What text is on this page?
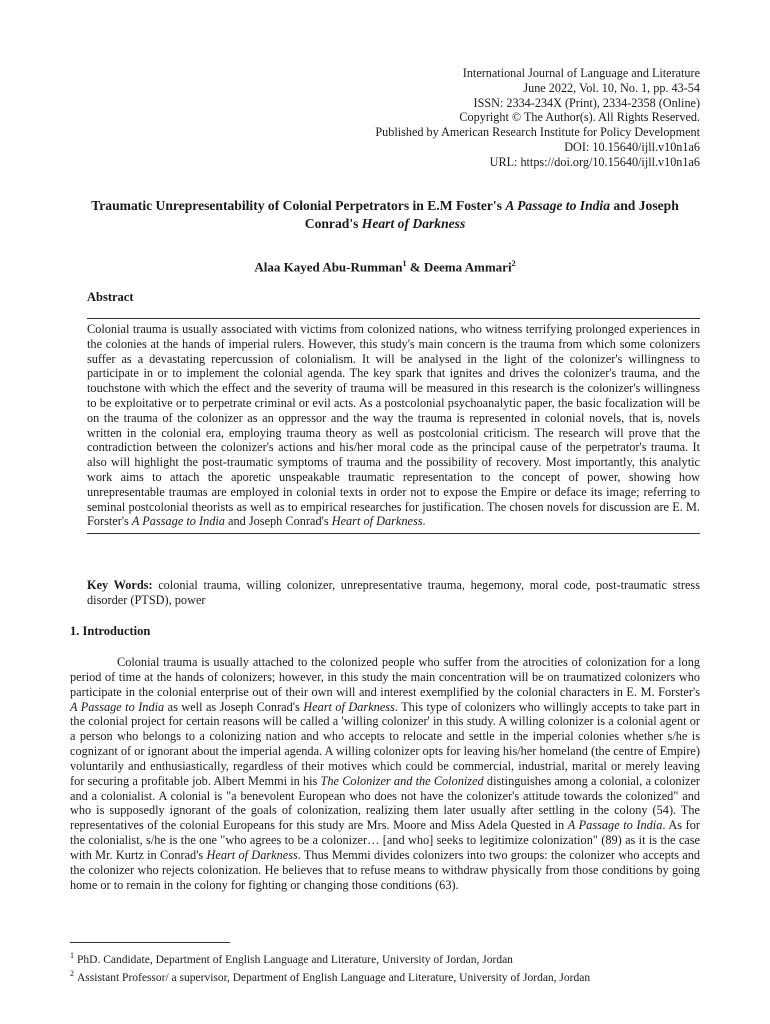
International Journal of Language and Literature
June 2022, Vol. 10, No. 1, pp. 43-54
ISSN: 2334-234X (Print), 2334-2358 (Online)
Copyright © The Author(s). All Rights Reserved.
Published by American Research Institute for Policy Development
DOI: 10.15640/ijll.v10n1a6
URL: https://doi.org/10.15640/ijll.v10n1a6
Traumatic Unrepresentability of Colonial Perpetrators in E.M Foster's A Passage to India and Joseph Conrad's Heart of Darkness
Alaa Kayed Abu-Rumman$^1$ & Deema Ammari$^2$
Abstract
Colonial trauma is usually associated with victims from colonized nations, who witness terrifying prolonged experiences in the colonies at the hands of imperial rulers. However, this study's main concern is the trauma from which some colonizers suffer as a devastating repercussion of colonialism. It will be analysed in the light of the colonizer's willingness to participate in or to implement the colonial agenda. The key spark that ignites and drives the colonizer's trauma, and the touchstone with which the effect and the severity of trauma will be measured in this research is the colonizer's willingness to be exploitative or to perpetrate criminal or evil acts. As a postcolonial psychoanalytic paper, the basic focalization will be on the trauma of the colonizer as an oppressor and the way the trauma is represented in colonial novels, that is, novels written in the colonial era, employing trauma theory as well as postcolonial criticism. The research will prove that the contradiction between the colonizer's actions and his/her moral code as the principal cause of the perpetrator's trauma. It also will highlight the post-traumatic symptoms of trauma and the possibility of recovery. Most importantly, this analytic work aims to attach the aporetic unspeakable traumatic representation to the concept of power, showing how unrepresentable traumas are employed in colonial texts in order not to expose the Empire or deface its image; referring to seminal postcolonial theorists as well as to empirical researches for justification. The chosen novels for discussion are E. M. Forster's A Passage to India and Joseph Conrad's Heart of Darkness.
Key Words: colonial trauma, willing colonizer, unrepresentative trauma, hegemony, moral code, post-traumatic stress disorder (PTSD), power
1. Introduction

Colonial trauma is usually attached to the colonized people who suffer from the atrocities of colonization for a long period of time at the hands of colonizers; however, in this study the main concentration will be on traumatized colonizers who participate in the colonial enterprise out of their own will and interest exemplified by the colonial characters in E. M. Forster's A Passage to India as well as Joseph Conrad's Heart of Darkness. This type of colonizers who willingly accepts to take part in the colonial project for certain reasons will be called a 'willing colonizer' in this study. A willing colonizer is a colonial agent or a person who belongs to a colonizing nation and who accepts to relocate and settle in the imperial colonies whether s/he is cognizant of or ignorant about the imperial agenda. A willing colonizer opts for leaving his/her homeland (the centre of Empire) voluntarily and enthusiastically, regardless of their motives which could be commercial, industrial, marital or merely leaving for securing a profitable job. Albert Memmi in his The Colonizer and the Colonized distinguishes among a colonial, a colonizer and a colonialist. A colonial is "a benevolent European who does not have the colonizer's attitude towards the colonized" and who is supposedly ignorant of the goals of colonization, realizing them later usually after settling in the colony (54). The representatives of the colonial Europeans for this study are Mrs. Moore and Miss Adela Quested in A Passage to India. As for the colonialist, s/he is the one "who agrees to be a colonizer… [and who] seeks to legitimize colonization" (89) as it is the case with Mr. Kurtz in Conrad's Heart of Darkness. Thus Memmi divides colonizers into two groups: the colonizer who accepts and the colonizer who rejects colonization. He believes that to refuse means to withdraw physically from those conditions by going home or to remain in the colony for fighting or changing those conditions (63).

$^1$ PhD. Candidate, Department of English Language and Literature, University of Jordan, Jordan
$^2$ Assistant Professor/ a supervisor, Department of English Language and Literature, University of Jordan, Jordan
